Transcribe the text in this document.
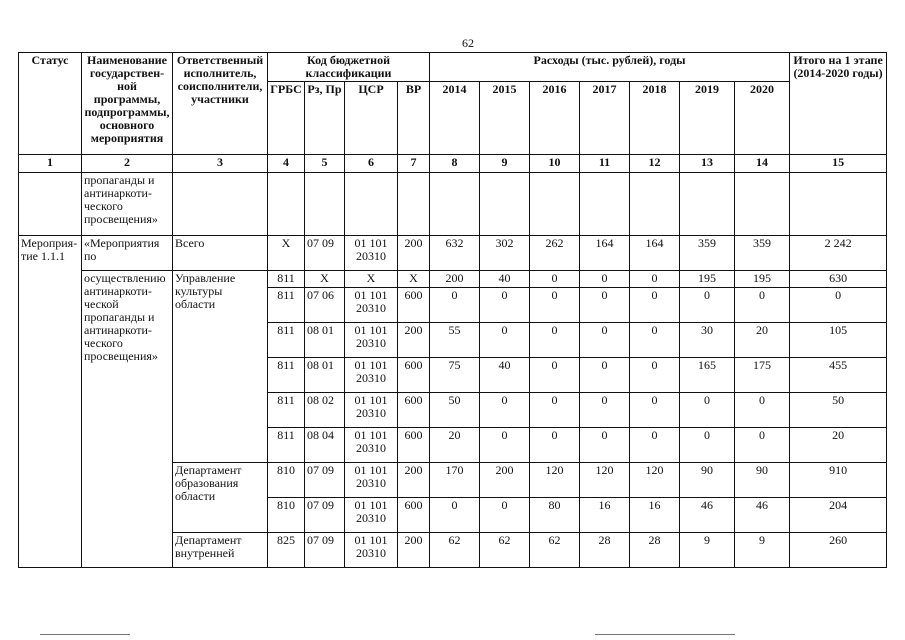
62
Статус	Наименование государствен-ной программы, подпрограммы, основного мероприятия	Ответственный исполнитель, соисполнители, участники	Код бюджетной классификации				Расходы (тыс. рублей), годы							Итого на 1 этапе (2014-2020 годы)
			ГРБС	Рз, Пр	ЦСР	ВР	2014	2015	2016	2017	2018	2019	2020	
1	2	3	4	5	6	7	8	9	10	11	12	13	14	15
	пропаганды и антинаркоти-ческого просвещения»													
Мероприя-тие 1.1.1	«Мероприятия по	Всего	Х	07 09	01 101 20310	200	632	302	262	164	164	359	359	2 242
	осуществлению антинаркоти-ческой пропаганды и антинаркоти-ческого просвещения»	Управление культуры области	811	Х	Х	Х	200	40	0	0	0	195	195	630
			811	07 06	01 101 20310	600	0	0	0	0	0	0	0	0
			811	08 01	01 101 20310	200	55	0	0	0	0	30	20	105
			811	08 01	01 101 20310	600	75	40	0	0	0	165	175	455
			811	08 02	01 101 20310	600	50	0	0	0	0	0	0	50
			811	08 04	01 101 20310	600	20	0	0	0	0	0	0	20
		Департамент образования области	810	07 09	01 101 20310	200	170	200	120	120	120	90	90	910
			810	07 09	01 101 20310	600	0	0	80	16	16	46	46	204
		Департамент внутренней	825	07 09	01 101 20310	200	62	62	62	28	28	9	9	260
